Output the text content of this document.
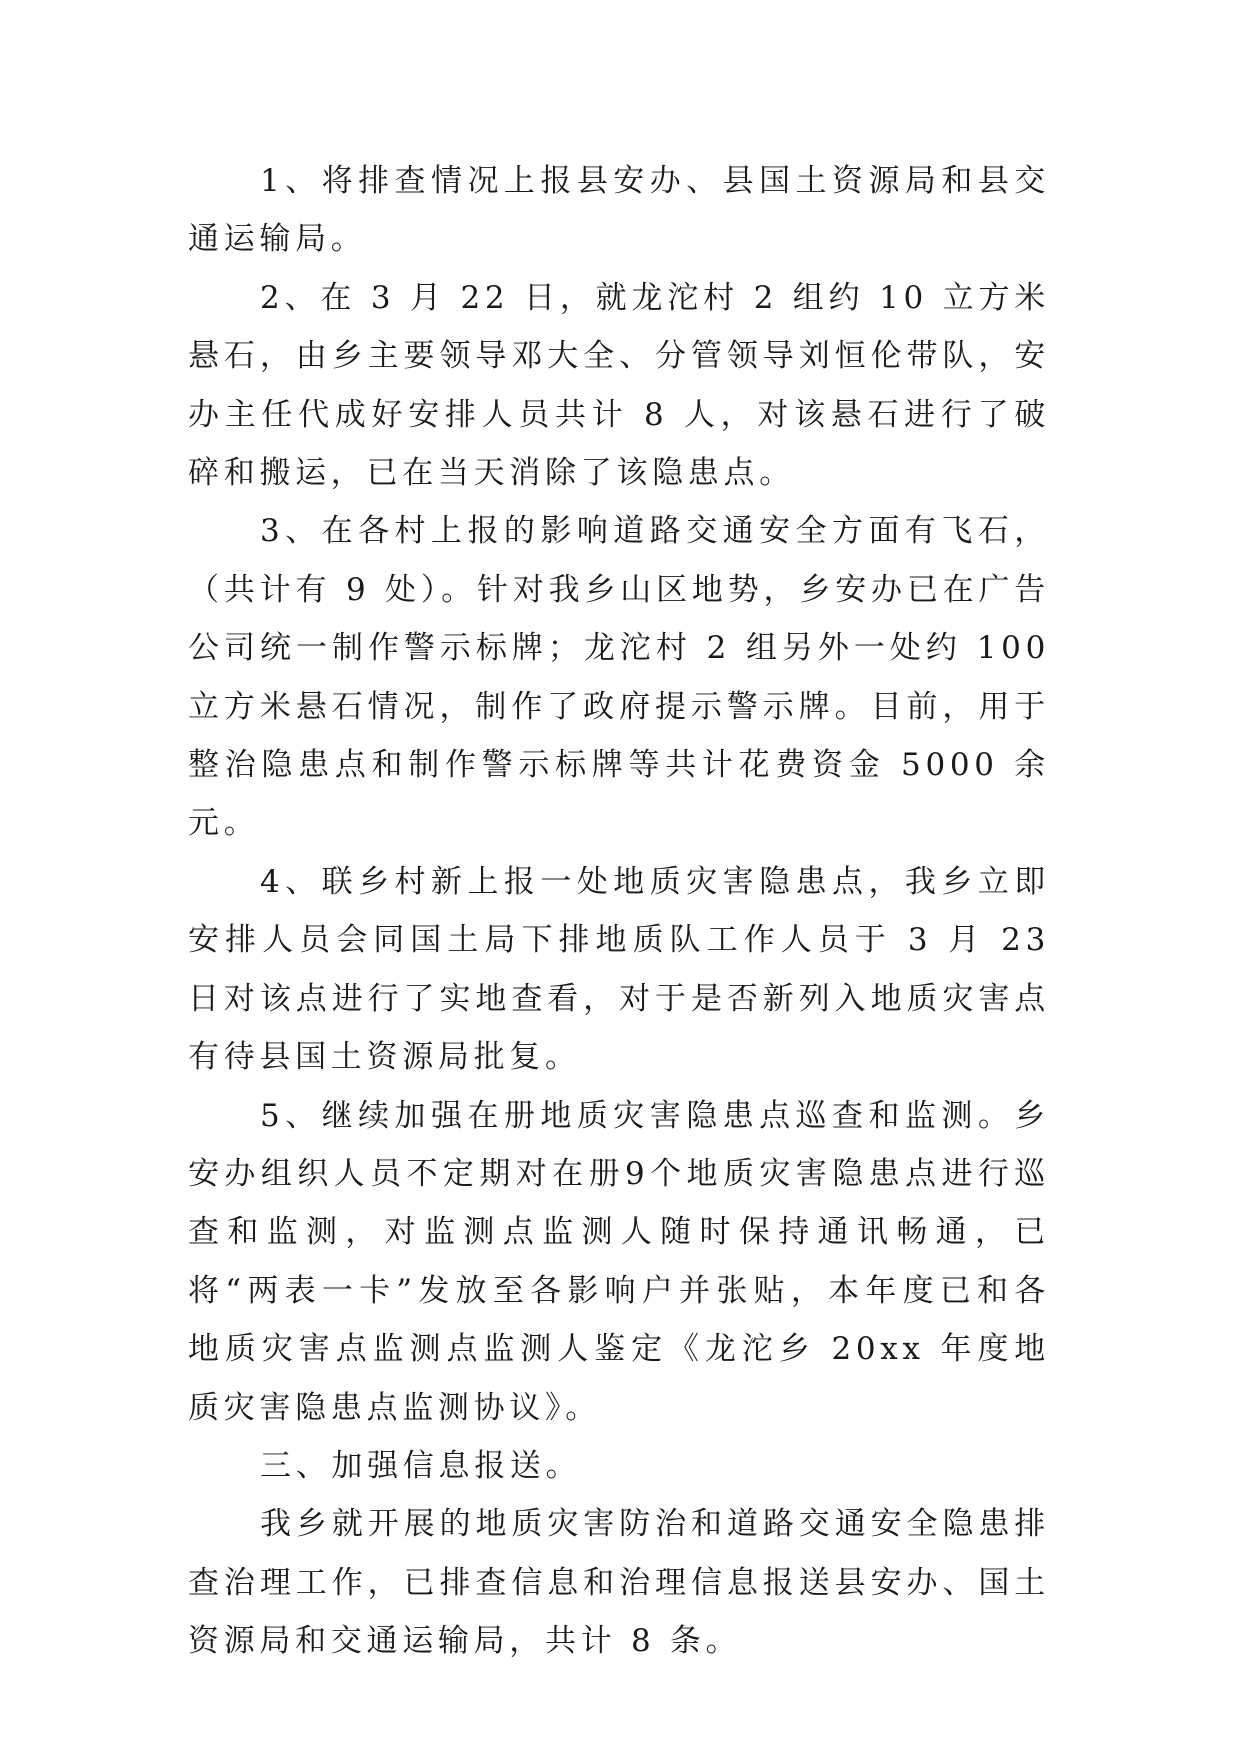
1、将排查情况上报县安办、县国土资源局和县交通运输局。

2、在 3 月 22 日，就龙沱村 2 组约 10 立方米悬石，由乡主要领导邓大全、分管领导刘恒伦带队，安办主任代成好安排人员共计 8 人，对该悬石进行了破碎和搬运，已在当天消除了该隐患点。

3、在各村上报的影响道路交通安全方面有飞石，（共计有 9 处）。针对我乡山区地势，乡安办已在广告公司统一制作警示标牌；龙沱村 2 组另外一处约 100 立方米悬石情况，制作了政府提示警示牌。目前，用于整治隐患点和制作警示标牌等共计花费资金 5000 余元。

4、联乡村新上报一处地质灾害隐患点，我乡立即安排人员会同国土局下排地质队工作人员于 3 月 23 日对该点进行了实地查看，对于是否新列入地质灾害点有待县国土资源局批复。

5、继续加强在册地质灾害隐患点巡查和监测。乡安办组织人员不定期对在册9个地质灾害隐患点进行巡查和监测，对监测点监测人随时保持通讯畅通，已将“两表一卡”发放至各影响户并张贴，本年度已和各地质灾害点监测点监测人鉴定《龙沱乡 20xx 年度地质灾害隐患点监测协议》。

三、加强信息报送。

我乡就开展的地质灾害防治和道路交通安全隐患排查治理工作，已排查信息和治理信息报送县安办、国土资源局和交通运输局，共计 8 条。
